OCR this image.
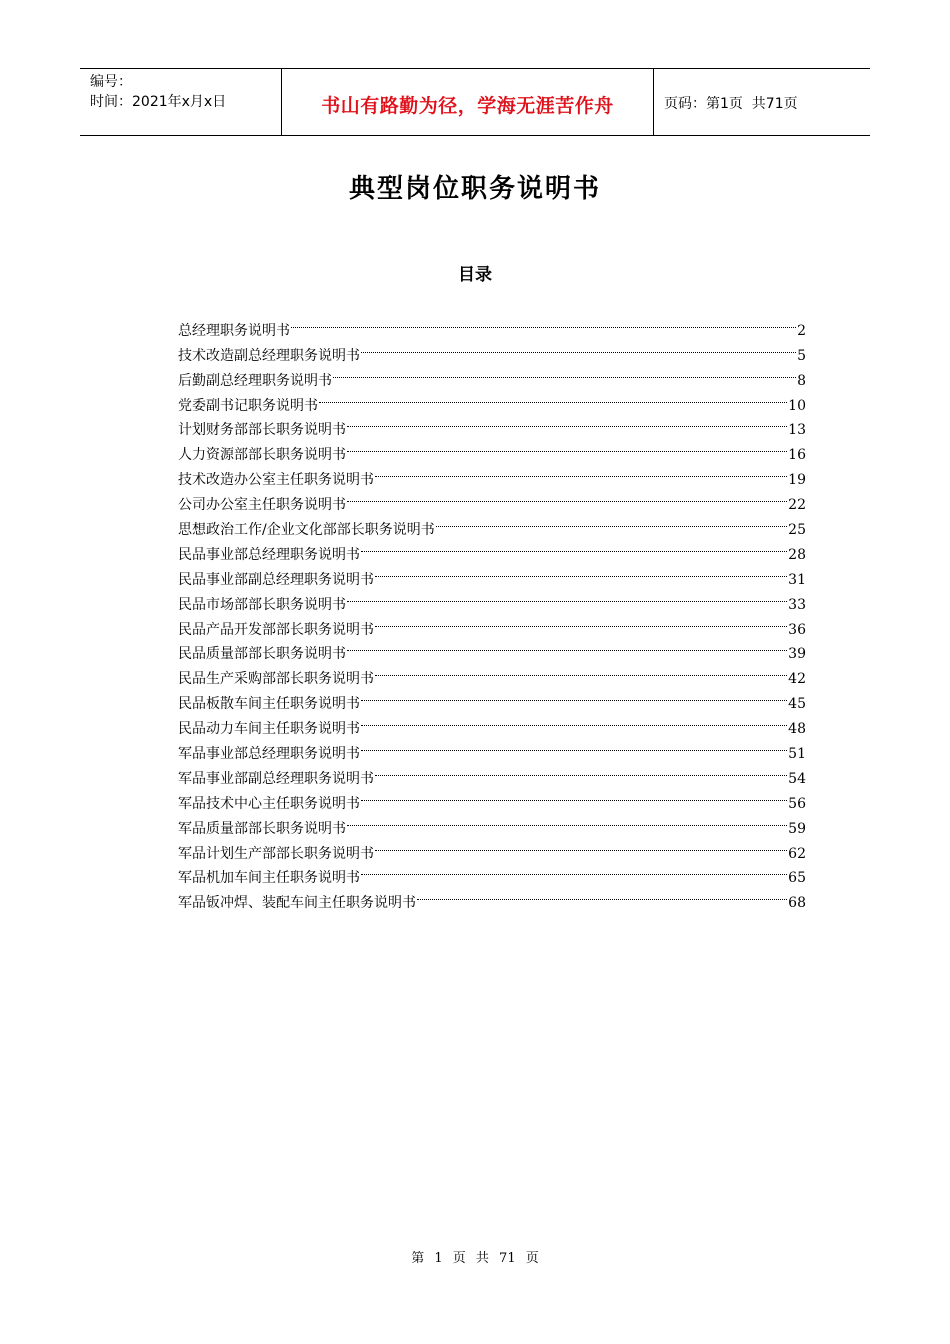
编号：
时间：2021年x月x日	书山有路勤为径，学海无涯苦作舟	页码：第1页  共71页
典型岗位职务说明书
目录
总经理职务说明书	2
技术改造副总经理职务说明书	5
后勤副总经理职务说明书	8
党委副书记职务说明书	10
计划财务部部长职务说明书	13
人力资源部部长职务说明书	16
技术改造办公室主任职务说明书	19
公司办公室主任职务说明书	22
思想政治工作/企业文化部部长职务说明书	25
民品事业部总经理职务说明书	28
民品事业部副总经理职务说明书	31
民品市场部部长职务说明书	33
民品产品开发部部长职务说明书	36
民品质量部部长职务说明书	39
民品生产采购部部长职务说明书	42
民品板散车间主任职务说明书	45
民品动力车间主任职务说明书	48
军品事业部总经理职务说明书	51
军品事业部副总经理职务说明书	54
军品技术中心主任职务说明书	56
军品质量部部长职务说明书	59
军品计划生产部部长职务说明书	62
军品机加车间主任职务说明书	65
军品钣冲焊、装配车间主任职务说明书	68
第 1 页 共 71 页
